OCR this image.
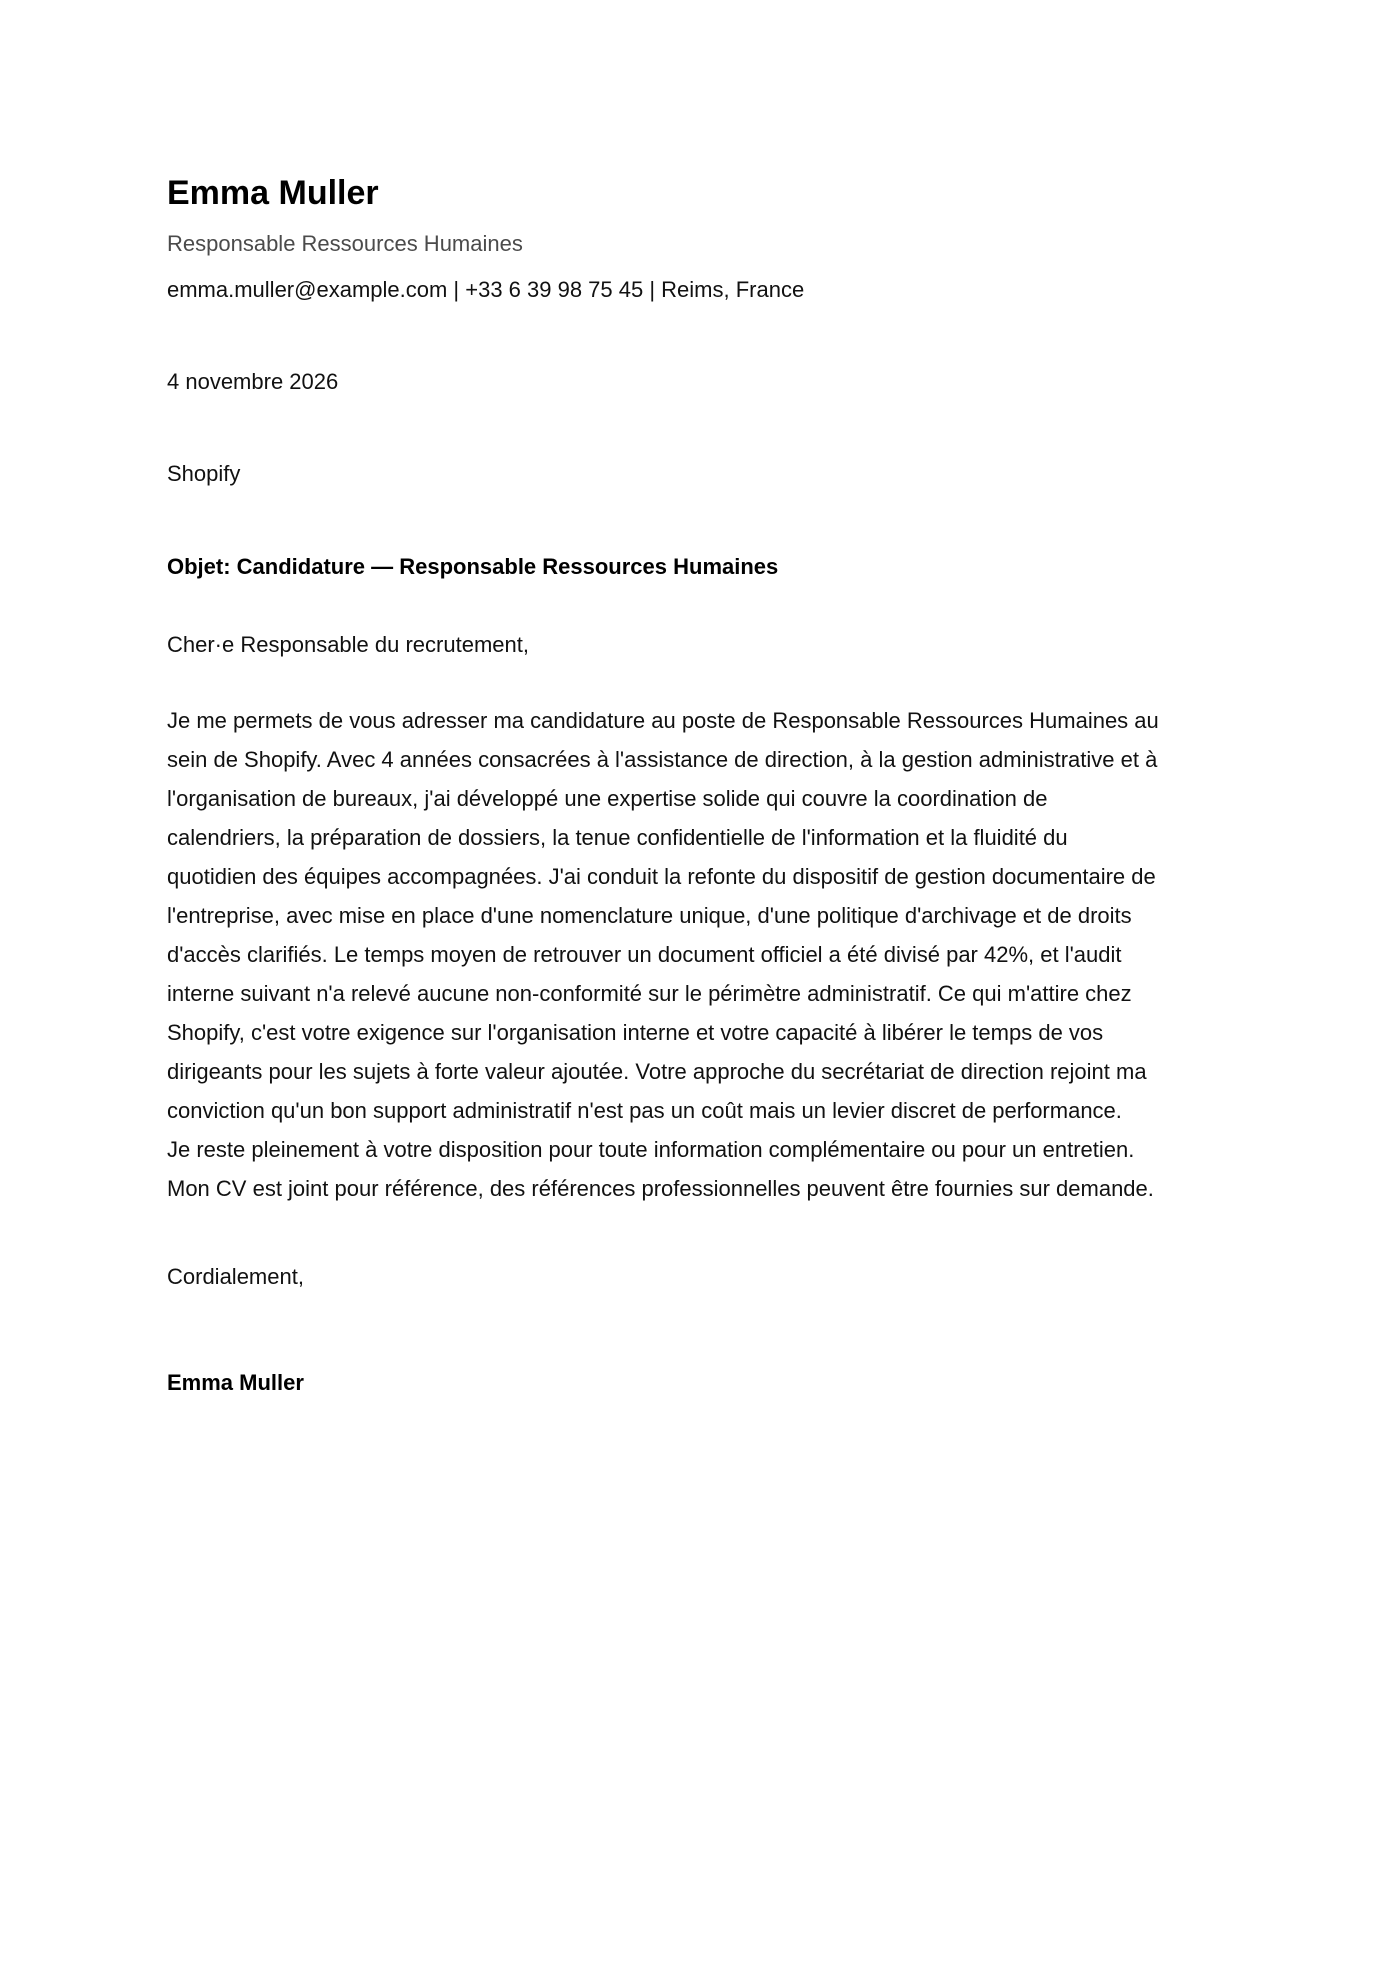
Emma Muller
Responsable Ressources Humaines
emma.muller@example.com | +33 6 39 98 75 45 | Reims, France
4 novembre 2026
Shopify
Objet: Candidature — Responsable Ressources Humaines
Cher·e Responsable du recrutement,
Je me permets de vous adresser ma candidature au poste de Responsable Ressources Humaines au
sein de Shopify. Avec 4 années consacrées à l'assistance de direction, à la gestion administrative et à
l'organisation de bureaux, j'ai développé une expertise solide qui couvre la coordination de
calendriers, la préparation de dossiers, la tenue confidentielle de l'information et la fluidité du
quotidien des équipes accompagnées. J'ai conduit la refonte du dispositif de gestion documentaire de
l'entreprise, avec mise en place d'une nomenclature unique, d'une politique d'archivage et de droits
d'accès clarifiés. Le temps moyen de retrouver un document officiel a été divisé par 42%, et l'audit
interne suivant n'a relevé aucune non-conformité sur le périmètre administratif. Ce qui m'attire chez
Shopify, c'est votre exigence sur l'organisation interne et votre capacité à libérer le temps de vos
dirigeants pour les sujets à forte valeur ajoutée. Votre approche du secrétariat de direction rejoint ma
conviction qu'un bon support administratif n'est pas un coût mais un levier discret de performance.
Je reste pleinement à votre disposition pour toute information complémentaire ou pour un entretien.
Mon CV est joint pour référence, des références professionnelles peuvent être fournies sur demande.
Cordialement,
Emma Muller
